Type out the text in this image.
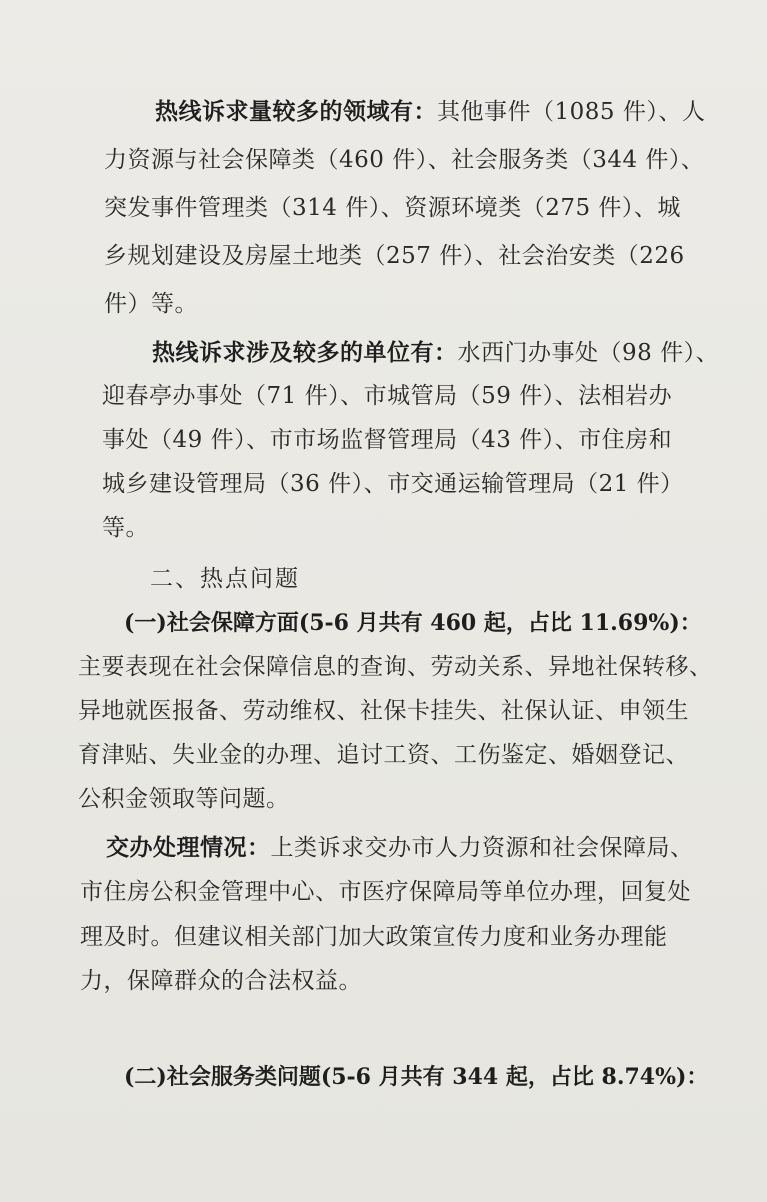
热线诉求量较多的领域有：其他事件（1085 件）、人
力资源与社会保障类（460 件）、社会服务类（344 件）、
突发事件管理类（314 件）、资源环境类（275 件）、城
乡规划建设及房屋土地类（257 件）、社会治安类（226
件）等。
热线诉求涉及较多的单位有：水西门办事处（98 件）、
迎春亭办事处（71 件）、市城管局（59 件）、法相岩办
事处（49 件）、市市场监督管理局（43 件）、市住房和
城乡建设管理局（36 件）、市交通运输管理局（21 件）
等。
二、热点问题
(一)社会保障方面(5-6 月共有 460 起，占比 11.69%)：
主要表现在社会保障信息的查询、劳动关系、异地社保转移、
异地就医报备、劳动维权、社保卡挂失、社保认证、申领生
育津贴、失业金的办理、追讨工资、工伤鉴定、婚姻登记、
公积金领取等问题。
交办处理情况：上类诉求交办市人力资源和社会保障局、
市住房公积金管理中心、市医疗保障局等单位办理，回复处
理及时。但建议相关部门加大政策宣传力度和业务办理能
力，保障群众的合法权益。
(二)社会服务类问题(5-6 月共有 344 起，占比 8.74%)：
